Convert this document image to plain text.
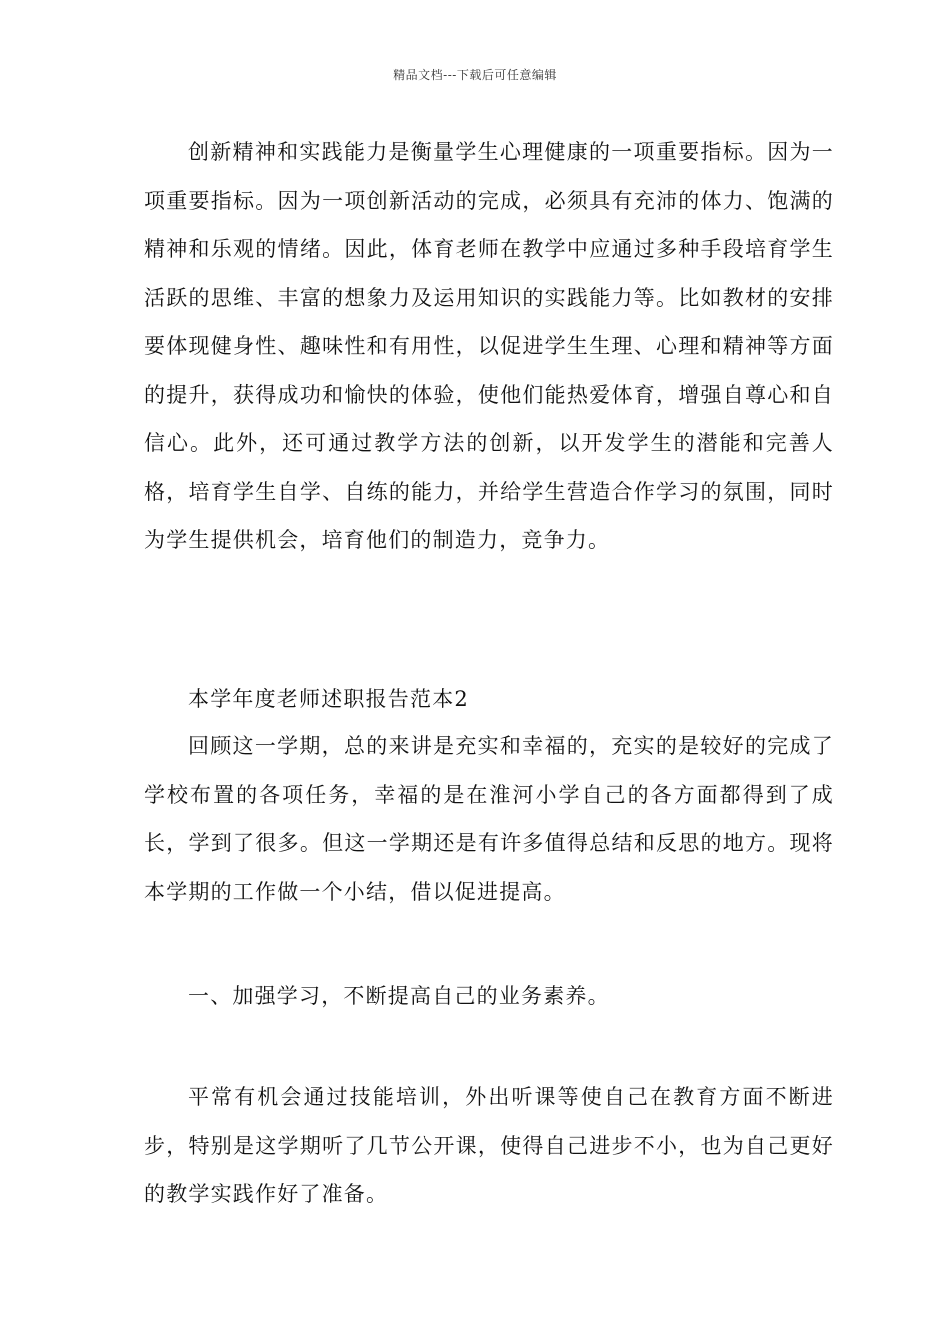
精品文档---下载后可任意编辑

创新精神和实践能力是衡量学生心理健康的一项重要指标。因为一项重要指标。因为一项创新活动的完成，必须具有充沛的体力、饱满的精神和乐观的情绪。因此，体育老师在教学中应通过多种手段培育学生活跃的思维、丰富的想象力及运用知识的实践能力等。比如教材的安排要体现健身性、趣味性和有用性，以促进学生生理、心理和精神等方面的提升，获得成功和愉快的体验，使他们能热爱体育，增强自尊心和自信心。此外，还可通过教学方法的创新，以开发学生的潜能和完善人格，培育学生自学、自练的能力，并给学生营造合作学习的氛围，同时为学生提供机会，培育他们的制造力，竞争力。

本学年度老师述职报告范本2

回顾这一学期，总的来讲是充实和幸福的，充实的是较好的完成了学校布置的各项任务，幸福的是在淮河小学自己的各方面都得到了成长，学到了很多。但这一学期还是有许多值得总结和反思的地方。现将本学期的工作做一个小结，借以促进提高。

一、加强学习，不断提高自己的业务素养。

平常有机会通过技能培训，外出听课等使自己在教育方面不断进步，特别是这学期听了几节公开课，使得自己进步不小，也为自己更好的教学实践作好了准备。
